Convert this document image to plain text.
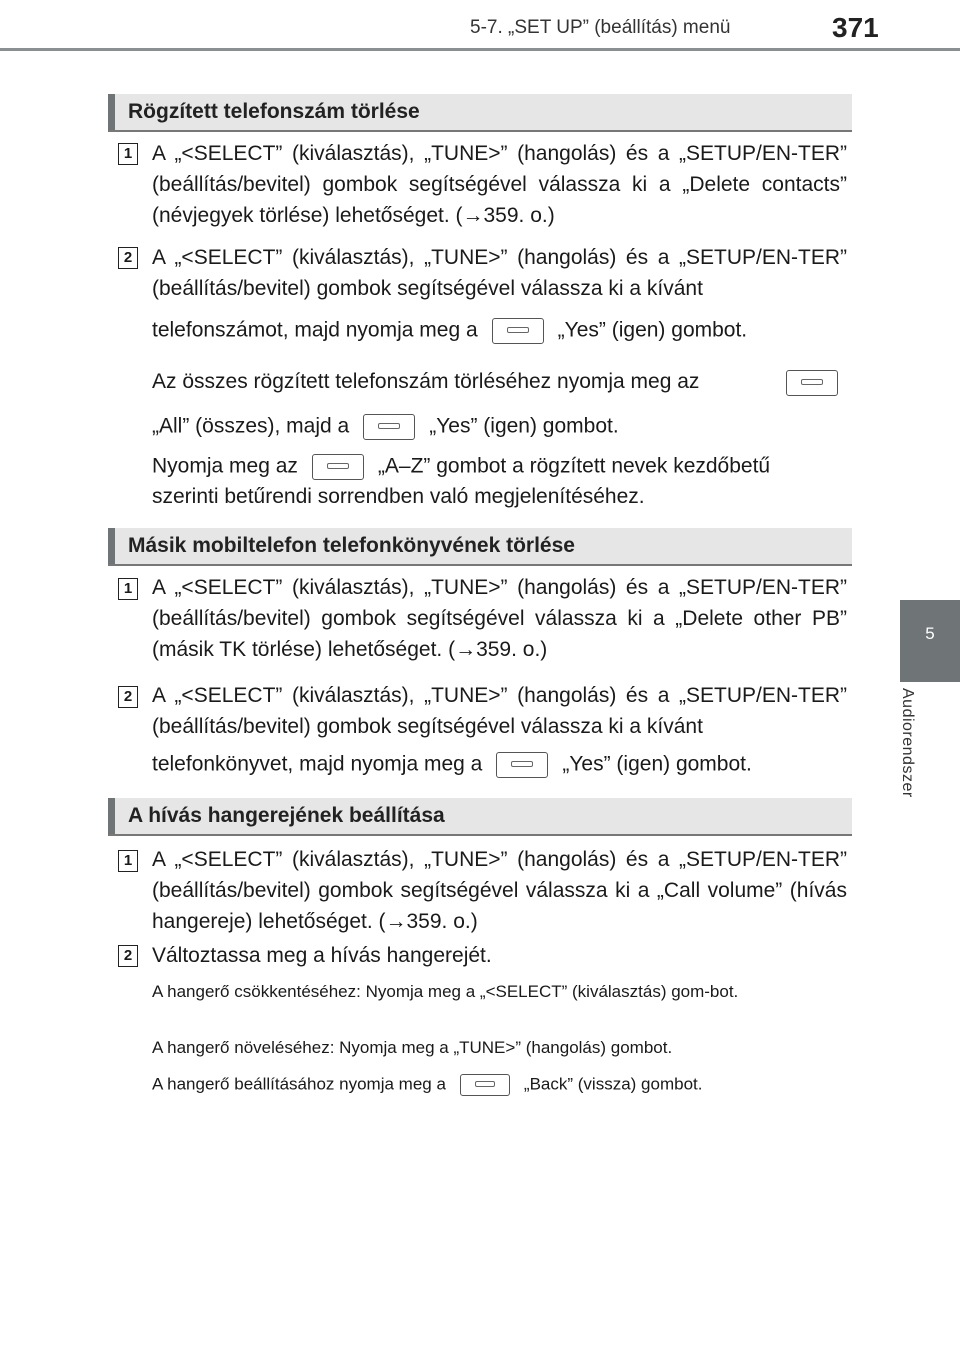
5-7. „SET UP” (beállítás) menü	371
5
Audiorendszer
Rögzített telefonszám törlése
1 A „<SELECT” (kiválasztás), „TUNE>” (hangolás) és a „SETUP/EN-TER” (beállítás/bevitel) gombok segítségével válassza ki a „Delete contacts” (névjegyek törlése) lehetőséget. (→359. o.)
2 A „<SELECT” (kiválasztás), „TUNE>” (hangolás) és a „SETUP/EN-TER” (beállítás/bevitel) gombok segítségével válassza ki a kívánt
telefonszámot, majd nyomja meg a	„Yes” (igen) gombot.
Az összes rögzített telefonszám törléséhez nyomja meg az
„All” (összes), majd a	„Yes” (igen) gombot.
Nyomja meg az	„A–Z” gombot a rögzített nevek kezdőbetű
szerinti betűrendi sorrendben való megjelenítéséhez.
Másik mobiltelefon telefonkönyvének törlése
1 A „<SELECT” (kiválasztás), „TUNE>” (hangolás) és a „SETUP/EN-TER” (beállítás/bevitel) gombok segítségével válassza ki a „Delete other PB” (másik TK törlése) lehetőséget. (→359. o.)
2 A „<SELECT” (kiválasztás), „TUNE>” (hangolás) és a „SETUP/EN-TER” (beállítás/bevitel) gombok segítségével válassza ki a kívánt
telefonkönyvet, majd nyomja meg a	„Yes” (igen) gombot.
A hívás hangerejének beállítása
1 A „<SELECT” (kiválasztás), „TUNE>” (hangolás) és a „SETUP/EN-TER” (beállítás/bevitel) gombok segítségével válassza ki a „Call volume” (hívás hangereje) lehetőséget. (→359. o.)
2 Változtassa meg a hívás hangerejét.
A hangerő csökkentéséhez: Nyomja meg a „<SELECT” (kiválasztás) gom-bot.
A hangerő növeléséhez: Nyomja meg a „TUNE>” (hangolás) gombot.
A hangerő beállításához nyomja meg a	„Back” (vissza) gombot.
